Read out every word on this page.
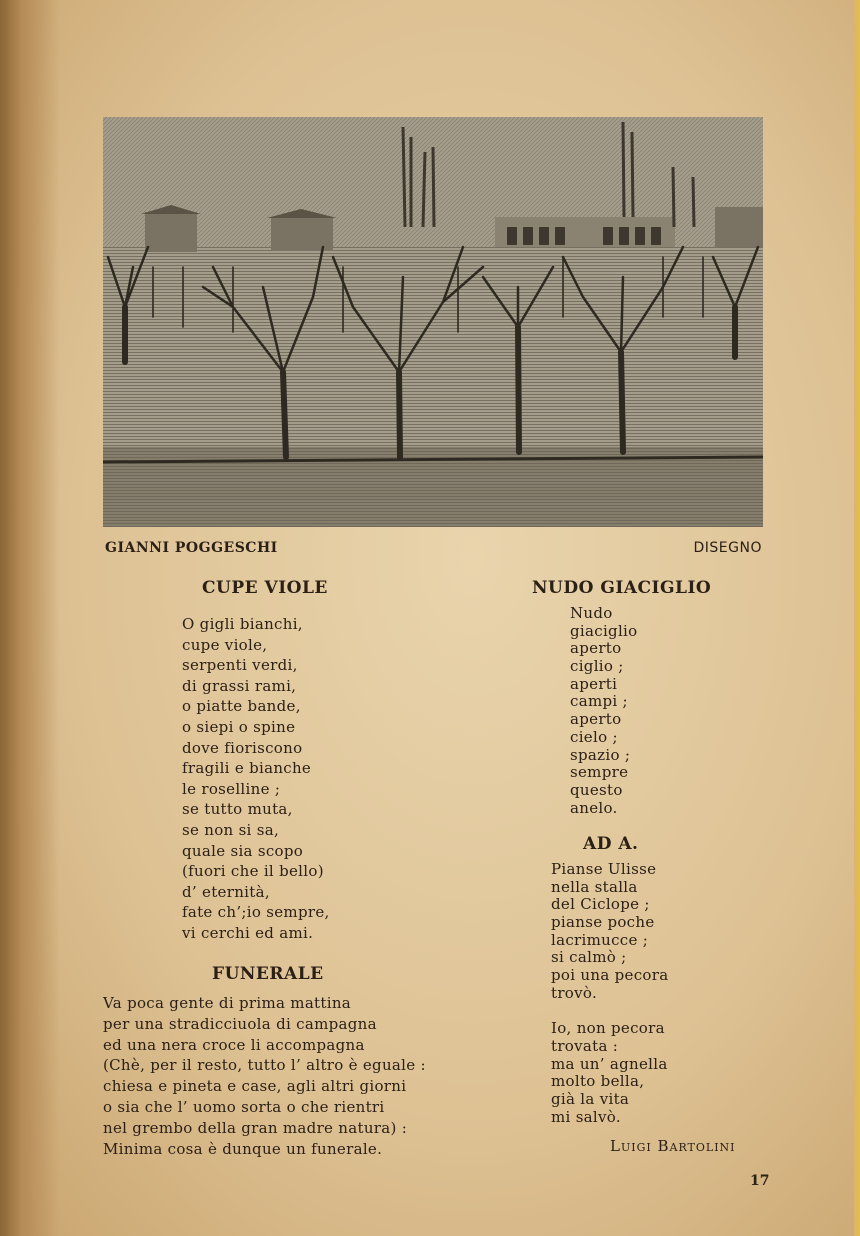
GIANNI POGGESCHI	DISEGNO
CUPE VIOLE
O gigli bianchi,
cupe viole,
serpenti verdi,
di grassi rami,
o piatte bande,
o siepi o spine
dove fioriscono
fragili e bianche
le roselline ;
se tutto muta,
se non si sa,
quale sia scopo
(fuori che il bello)
d’ eternità,
fate ch’;io sempre,
vi cerchi ed ami.
NUDO GIACIGLIO
Nudo
giaciglio
aperto
ciglio ;
aperti
campi ;
aperto
cielo ;
spazio ;
sempre
questo
anelo.
AD A.
Pianse Ulisse
nella stalla
del Ciclope ;
pianse poche
lacrimucce ;
si calmò ;
poi una pecora
trovò.
Io, non pecora
trovata :
ma un’ agnella
molto bella,
già la vita
mi salvò.
FUNERALE
Va poca gente di prima mattina
per una stradicciuola di campagna
ed una nera croce li accompagna
(Chè, per il resto, tutto l’ altro è eguale :
chiesa e pineta e case, agli altri giorni
o sia che l’ uomo sorta o che rientri
nel grembo della gran madre natura) :
Minima cosa è dunque un funerale.	Luigi Bartolini
17
